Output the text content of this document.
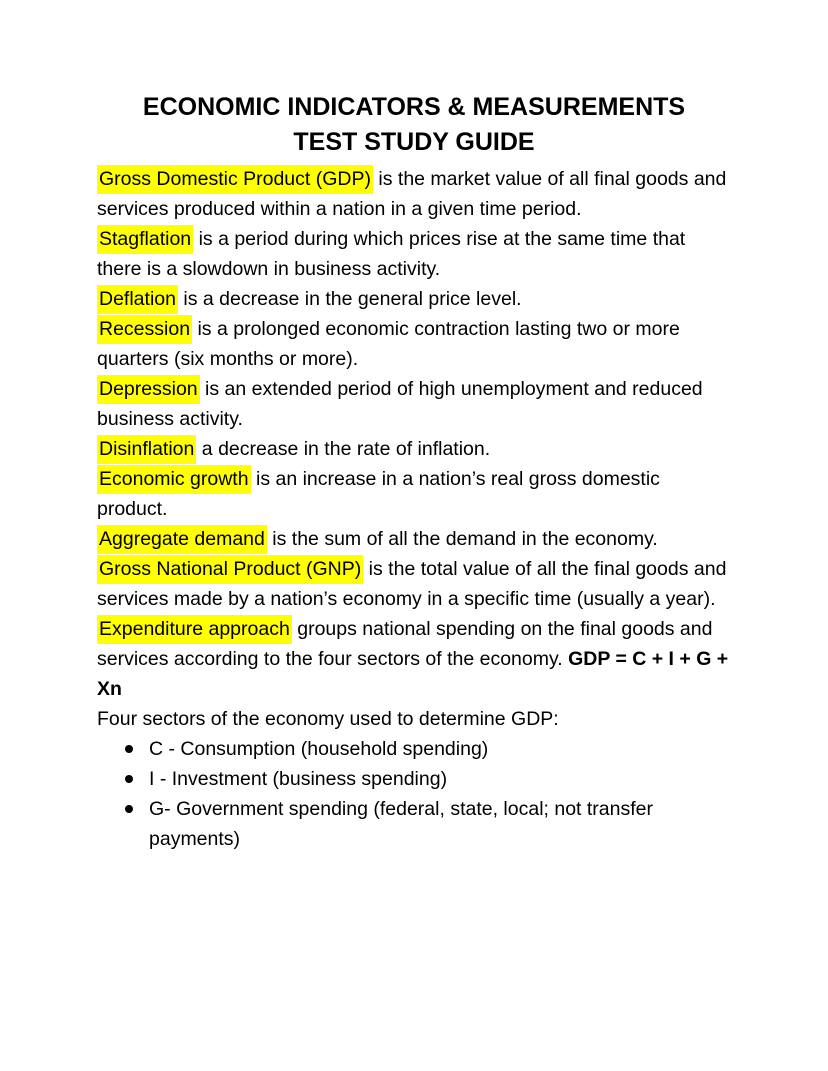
ECONOMIC INDICATORS & MEASUREMENTS
TEST STUDY GUIDE

Gross Domestic Product (GDP) is the market value of all final goods and services produced within a nation in a given time period.

Stagflation is a period during which prices rise at the same time that there is a slowdown in business activity.

Deflation is a decrease in the general price level.

Recession is a prolonged economic contraction lasting two or more quarters (six months or more).

Depression is an extended period of high unemployment and reduced business activity.

Disinflation a decrease in the rate of inflation.

Economic growth is an increase in a nation’s real gross domestic product.

Aggregate demand is the sum of all the demand in the economy.

Gross National Product (GNP) is the total value of all the final goods and services made by a nation’s economy in a specific time (usually a year).

Expenditure approach groups national spending on the final goods and services according to the four sectors of the economy. GDP = C + I + G + Xn

Four sectors of the economy used to determine GDP:

C - Consumption (household spending)
I - Investment (business spending)
G- Government spending (federal, state, local; not transfer payments)
